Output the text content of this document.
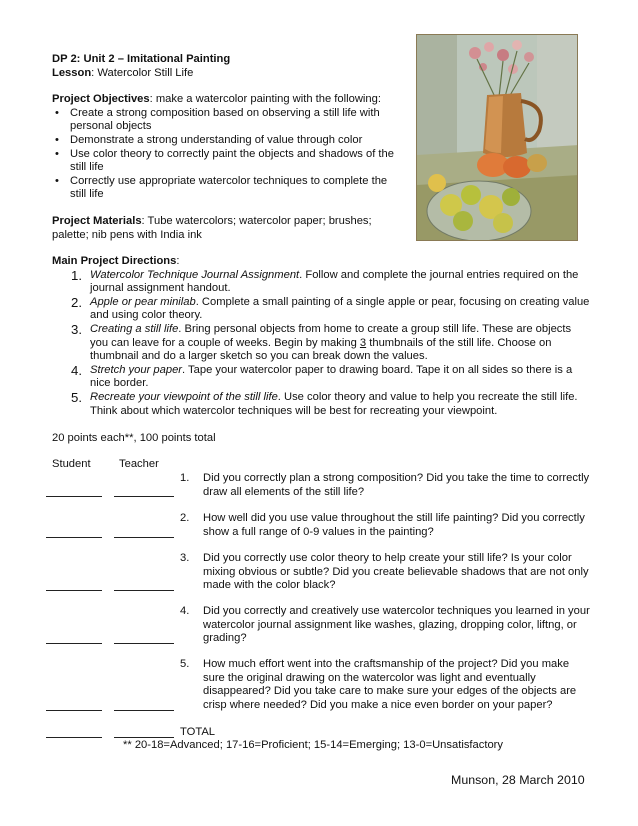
DP 2: Unit 2 – Imitational Painting
Lesson: Watercolor Still Life
Project Objectives: make a watercolor painting with the following:
• Create a strong composition based on observing a still life with personal objects
• Demonstrate a strong understanding of value through color
• Use color theory to correctly paint the objects and shadows of the still life
• Correctly use appropriate watercolor techniques to complete the still life
Project Materials: Tube watercolors; watercolor paper; brushes; palette; nib pens with India ink
Main Project Directions:
1. Watercolor Technique Journal Assignment. Follow and complete the journal entries required on the journal assignment handout.
2. Apple or pear minilab. Complete a small painting of a single apple or pear, focusing on creating value and using color theory.
3. Creating a still life. Bring personal objects from home to create a group still life. These are objects you can leave for a couple of weeks. Begin by making 3 thumbnails of the still life. Choose on thumbnail and do a larger sketch so you can break down the values.
4. Stretch your paper. Tape your watercolor paper to drawing board. Tape it on all sides so there is a nice border.
5. Recreate your viewpoint of the still life. Use color theory and value to help you recreate the still life. Think about which watercolor techniques will be best for recreating your viewpoint.
20 points each**, 100 points total
Student	Teacher
1. Did you correctly plan a strong composition? Did you take the time to correctly draw all elements of the still life?
2. How well did you use value throughout the still life painting? Did you correctly show a full range of 0-9 values in the painting?
3. Did you correctly use color theory to help create your still life? Is your color mixing obvious or subtle? Did you create believable shadows that are not only made with the color black?
4. Did you correctly and creatively use watercolor techniques you learned in your watercolor journal assignment like washes, glazing, dropping color, liftng, or grading?
5. How much effort went into the craftsmanship of the project? Did you make sure the original drawing on the watercolor was light and eventually disappeared? Did you take care to make sure your edges of the objects are crisp where needed? Did you make a nice even border on your paper?
TOTAL
** 20-18=Advanced; 17-16=Proficient; 15-14=Emerging; 13-0=Unsatisfactory
Munson, 28 March 2010
